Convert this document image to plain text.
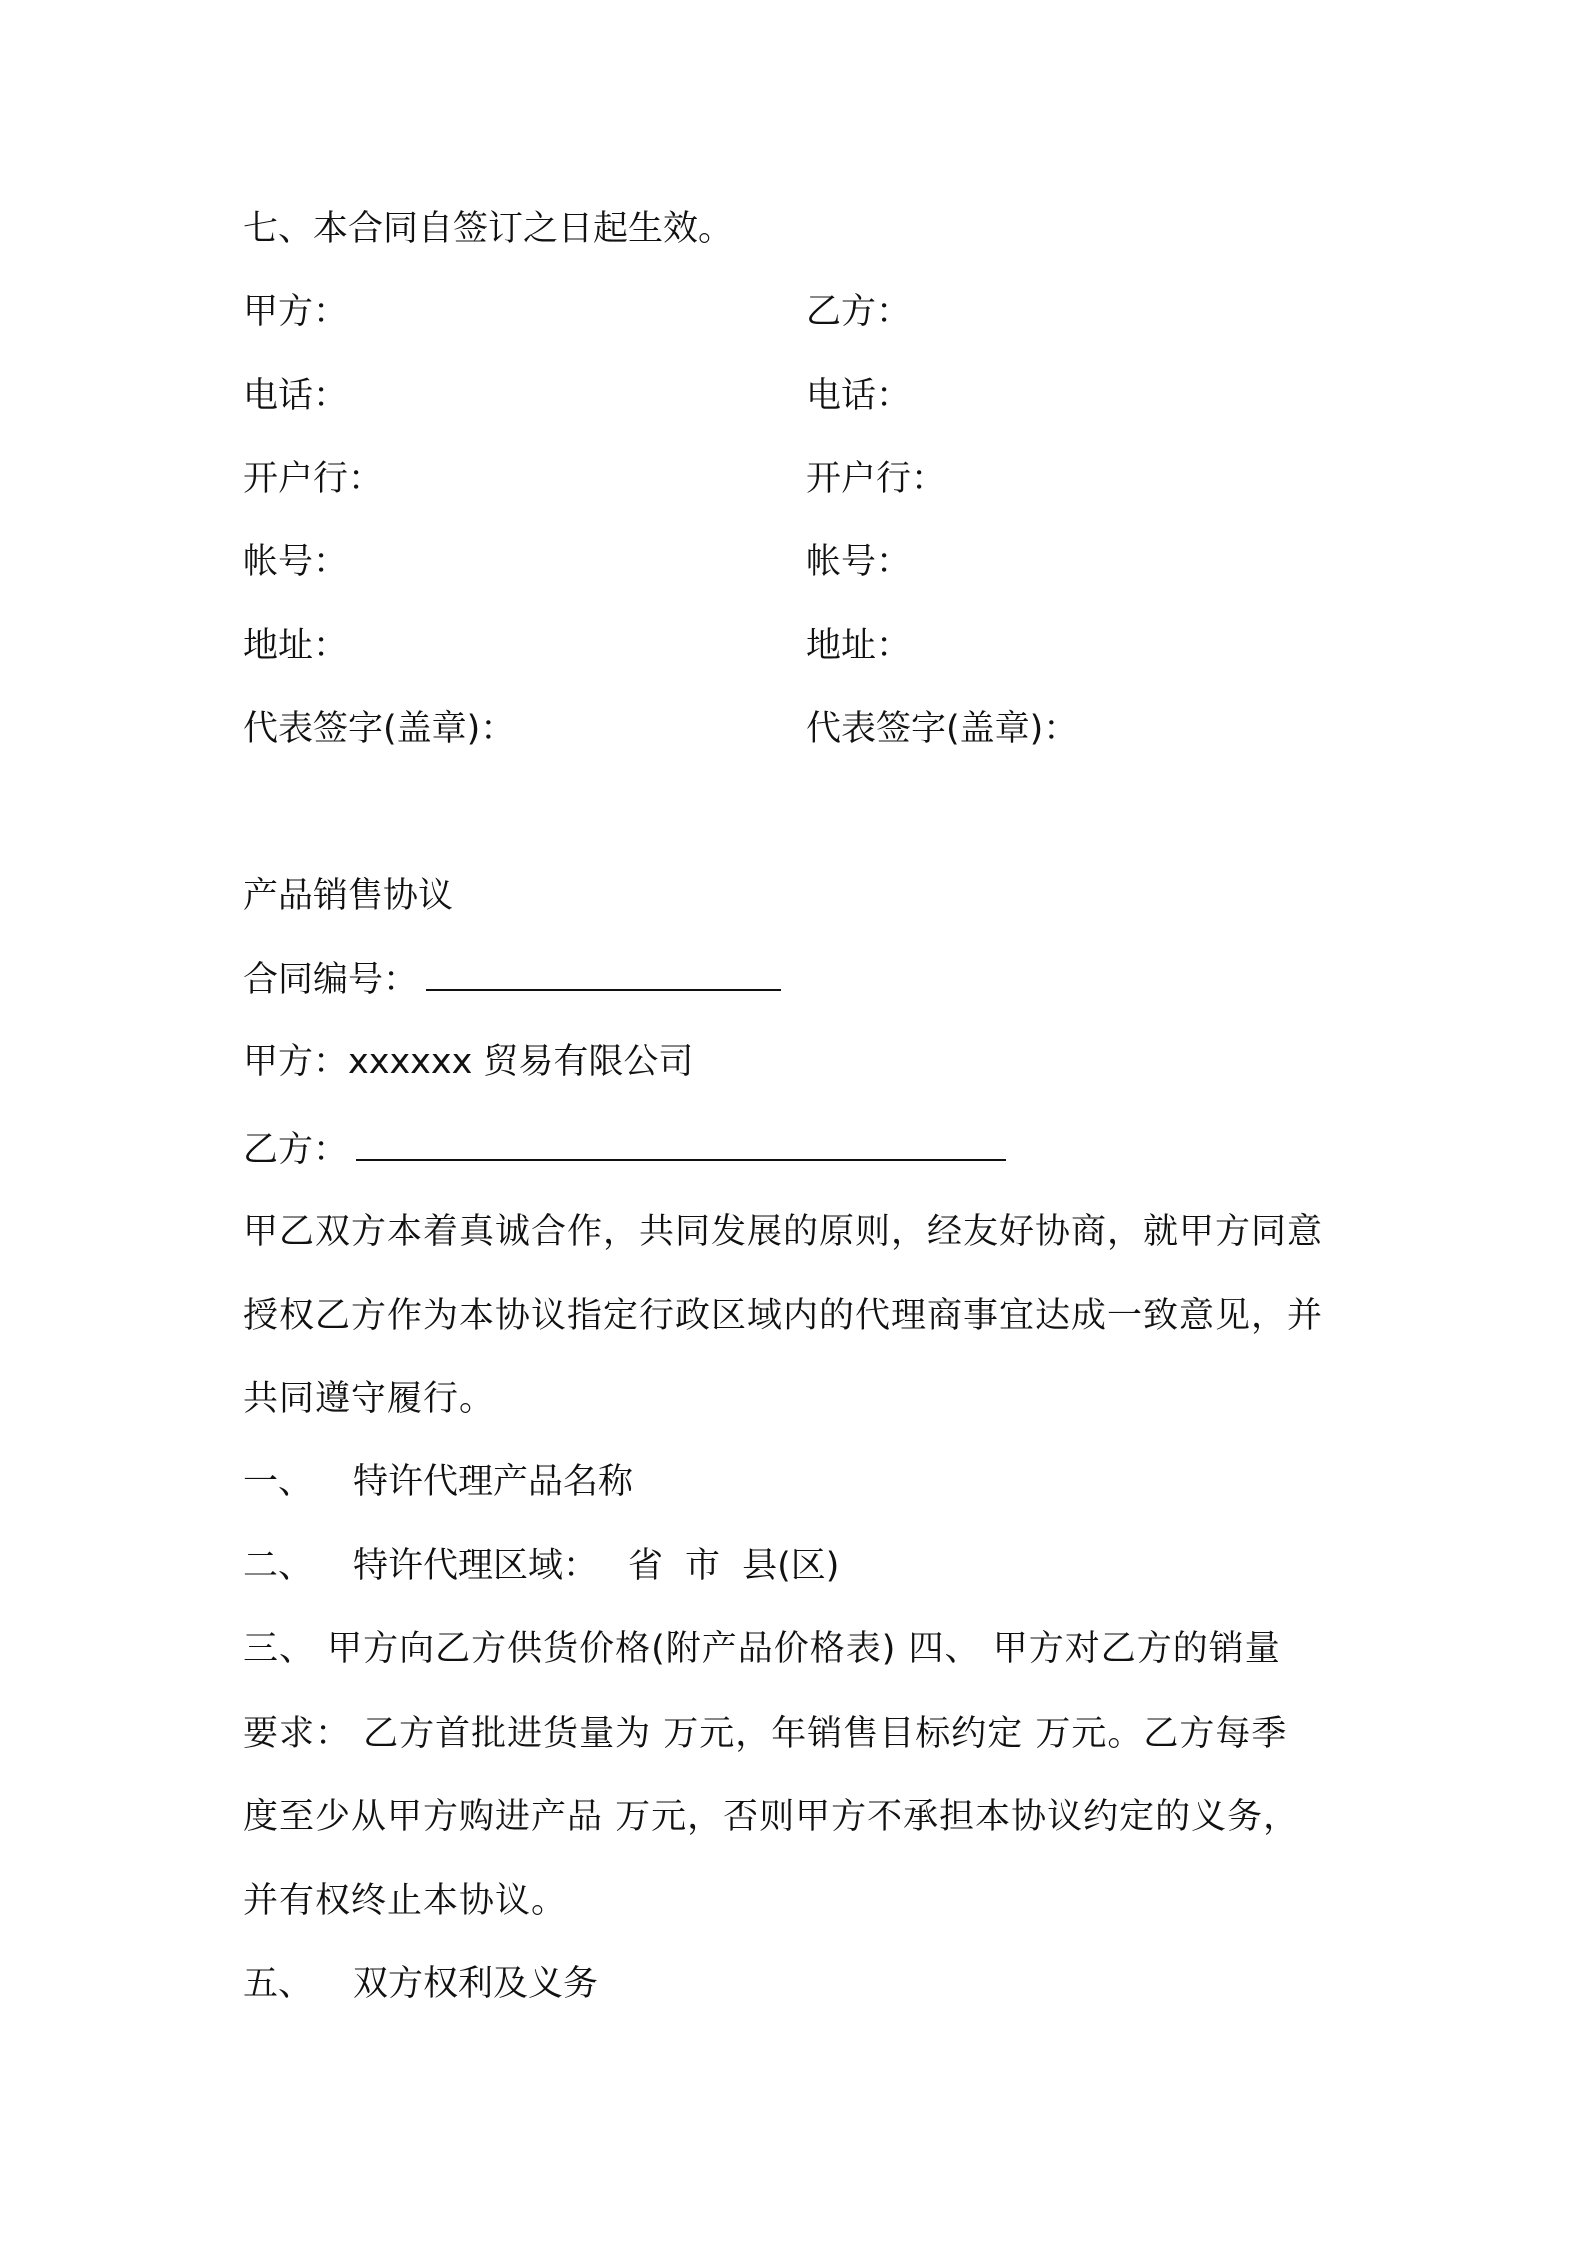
七、本合同自签订之日起生效。
甲方：
电话：
开户行：
帐号：
地址：
代表签字(盖章)：
乙方：
电话：
开户行：
帐号：
地址：
代表签字(盖章)：
产品销售协议
合同编号：
甲方：xxxxxx 贸易有限公司
乙方：
甲乙双方本着真诚合作，共同发展的原则，经友好协商，就甲方同意
授权乙方作为本协议指定行政区域内的代理商事宜达成一致意见，并
共同遵守履行。
一、 特许代理产品名称
二、 特许代理区域： 省 市 县(区)
三、 甲方向乙方供货价格(附产品价格表) 四、 甲方对乙方的销量
要求： 乙方首批进货量为 万元，年销售目标约定 万元。乙方每季
度至少从甲方购进产品 万元，否则甲方不承担本协议约定的义务，
并有权终止本协议。
五、 双方权利及义务
